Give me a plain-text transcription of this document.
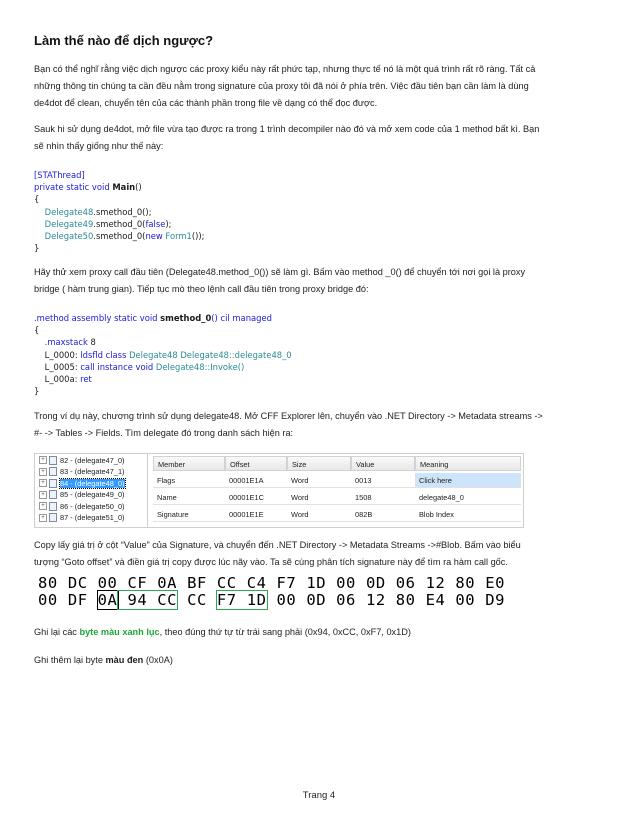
Làm thế nào để dịch ngược?
Bạn có thể nghĩ rằng việc dịch ngược các proxy kiểu này rất phức tạp, nhưng thực tế nó là một quá trình rất rõ ràng. Tất cả
những thông tin chúng ta cần đều nằm trong signature của proxy tôi đã nói ở phía trên. Việc đầu tiên bạn cần làm là dùng
de4dot để clean, chuyển tên của các thành phần trong file về dạng có thể đọc được.
Sauk hi sử dụng de4dot, mở file vừa tạo được ra trong 1 trình decompiler nào đó và mở xem code của 1 method bất kì. Bạn
sẽ nhìn thấy giống như thế này:
[STAThread]
private static void Main()
{
Delegate48.smethod_0();
Delegate49.smethod_0(false);
Delegate50.smethod_0(new Form1());
}
Hãy thử xem proxy call đầu tiên (Delegate48.method_0()) sẽ làm gì. Bấm vào method _0() để chuyển tới nơi gọi là proxy
bridge ( hàm trung gian). Tiếp tục mò theo lệnh call đầu tiên trong proxy bridge đó:
.method assembly static void smethod_0() cil managed
{
.maxstack 8
L_0000: ldsfld class Delegate48 Delegate48::delegate48_0
L_0005: call instance void Delegate48::Invoke()
L_000a: ret
}
Trong ví dụ này, chương trình sử dụng delegate48. Mở CFF Explorer lên, chuyển vào .NET Directory -> Metadata streams ->
#- -> Tables -> Fields. Tìm delegate đó trong danh sách hiện ra:
+	82 - (delegate47_0)
+	83 - (delegate47_1)
+	84 - (delegate48_0)
+	85 - (delegate49_0)
+	86 - (delegate50_0)
+	87 - (delegate51_0)
Member	Offset	Size	Value	Meaning
Flags	00001E1A	Word	0013	Click here
Name	00001E1C	Word	1508	delegate48_0
Signature	00001E1E	Word	082B	Blob Index
Copy lấy giá trị ở cột “Value” của Signature, và chuyển đến .NET Directory -> Metadata Streams ->#Blob. Bấm vào biểu
tượng “Goto offset” và điền giá trị copy được lúc nãy vào. Ta sẽ cùng phân tích signature này để tìm ra hàm call gốc.
80 DC 00 CF 0A BF CC C4 F7 1D 00 0D 06 12 80 E0
00 DF 0A 94 CC CC F7 1D 00 0D 06 12 80 E4 00 D9
Ghi lại các byte màu xanh lục, theo đúng thứ tự từ trái sang phải (0x94, 0xCC, 0xF7, 0x1D)
Ghi thêm lại byte màu đen (0x0A)
Trang 4
